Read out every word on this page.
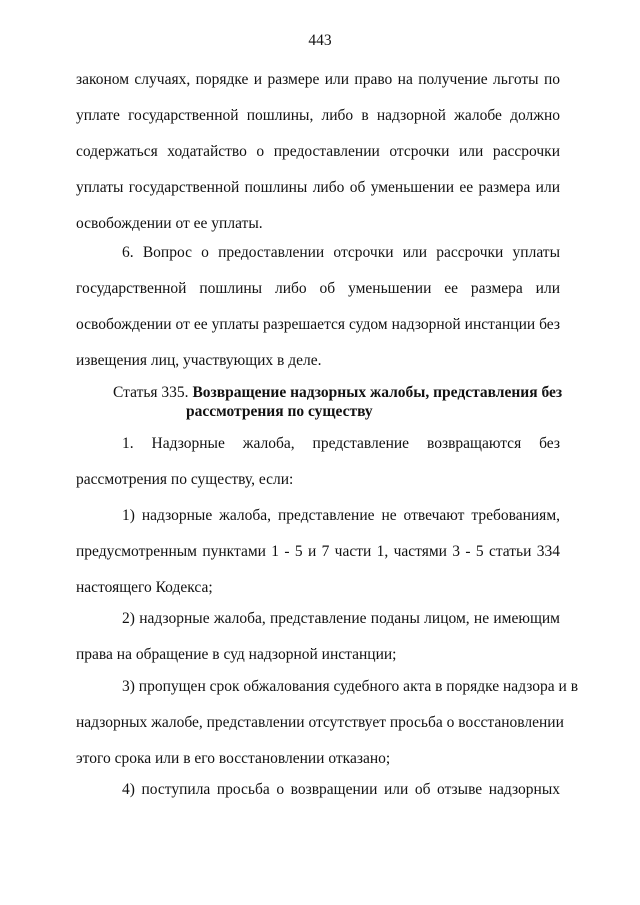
443
законом случаях, порядке и размере или право на получение льготы по
уплате государственной пошлины, либо в надзорной жалобе должно
содержаться ходатайство о предоставлении отсрочки или рассрочки
уплаты государственной пошлины либо об уменьшении ее размера или
освобождении от ее уплаты.
6. Вопрос о предоставлении отсрочки или рассрочки уплаты
государственной пошлины либо об уменьшении ее размера или
освобождении от ее уплаты разрешается судом надзорной инстанции без
извещения лиц, участвующих в деле.
Статья 335. Возвращение надзорных жалобы, представления без
рассмотрения по существу
1. Надзорные жалоба, представление возвращаются без
рассмотрения по существу, если:
1) надзорные жалоба, представление не отвечают требованиям,
предусмотренным пунктами 1 - 5 и 7 части 1, частями 3 - 5 статьи 334
настоящего Кодекса;
2) надзорные жалоба, представление поданы лицом, не имеющим
права на обращение в суд надзорной инстанции;
3) пропущен срок обжалования судебного акта в порядке надзора и в
надзорных жалобе, представлении отсутствует просьба о восстановлении
этого срока или в его восстановлении отказано;
4) поступила просьба о возвращении или об отзыве надзорных
